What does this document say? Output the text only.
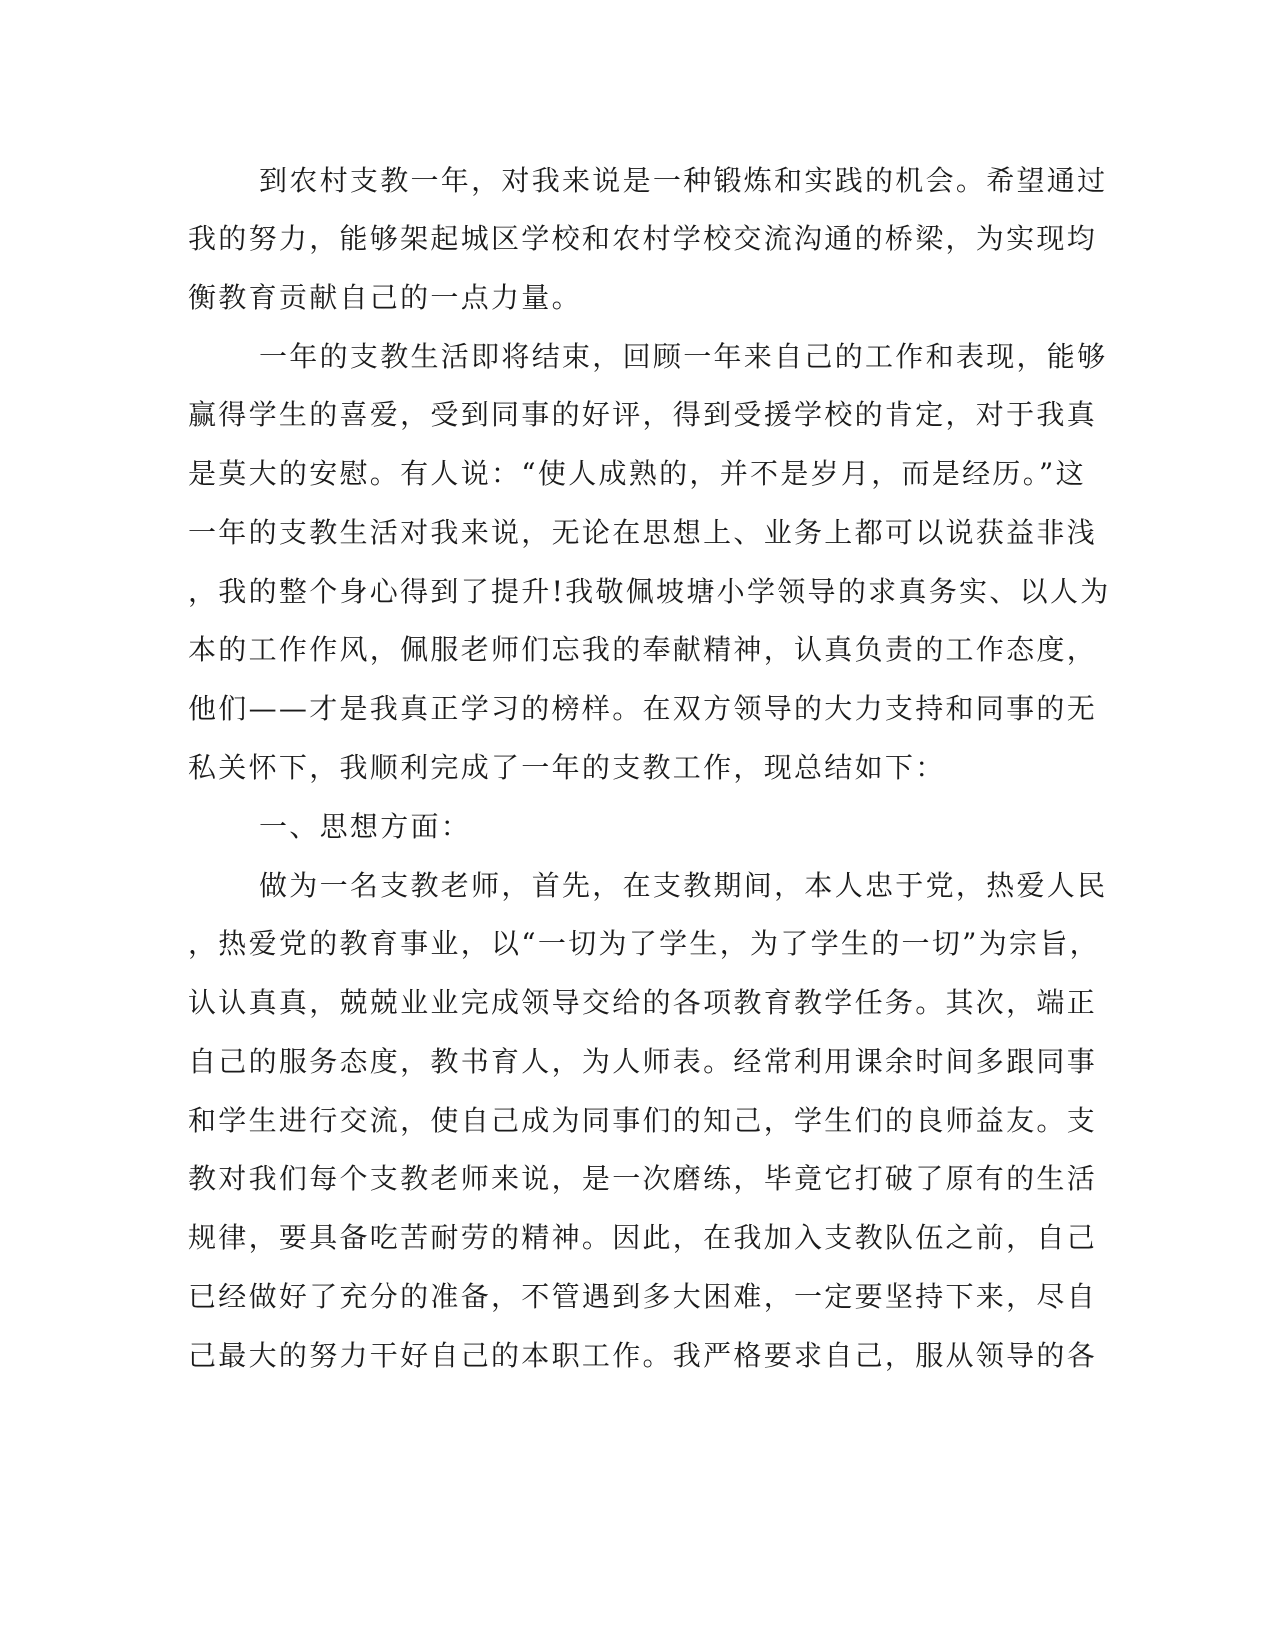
到农村支教一年，对我来说是一种锻炼和实践的机会。希望通过
我的努力，能够架起城区学校和农村学校交流沟通的桥梁，为实现均
衡教育贡献自己的一点力量。
一年的支教生活即将结束，回顾一年来自己的工作和表现，能够
赢得学生的喜爱，受到同事的好评，得到受援学校的肯定，对于我真
是莫大的安慰。有人说：“使人成熟的，并不是岁月，而是经历。”这
一年的支教生活对我来说，无论在思想上、业务上都可以说获益非浅
，我的整个身心得到了提升!我敬佩坡塘小学领导的求真务实、以人为
本的工作作风，佩服老师们忘我的奉献精神，认真负责的工作态度，
他们——才是我真正学习的榜样。在双方领导的大力支持和同事的无
私关怀下，我顺利完成了一年的支教工作，现总结如下：
一、思想方面：
做为一名支教老师，首先，在支教期间，本人忠于党，热爱人民
，热爱党的教育事业，以“一切为了学生，为了学生的一切”为宗旨，
认认真真，兢兢业业完成领导交给的各项教育教学任务。其次，端正
自己的服务态度，教书育人，为人师表。经常利用课余时间多跟同事
和学生进行交流，使自己成为同事们的知己，学生们的良师益友。支
教对我们每个支教老师来说，是一次磨练，毕竟它打破了原有的生活
规律，要具备吃苦耐劳的精神。因此，在我加入支教队伍之前，自己
已经做好了充分的准备，不管遇到多大困难，一定要坚持下来，尽自
己最大的努力干好自己的本职工作。我严格要求自己，服从领导的各
